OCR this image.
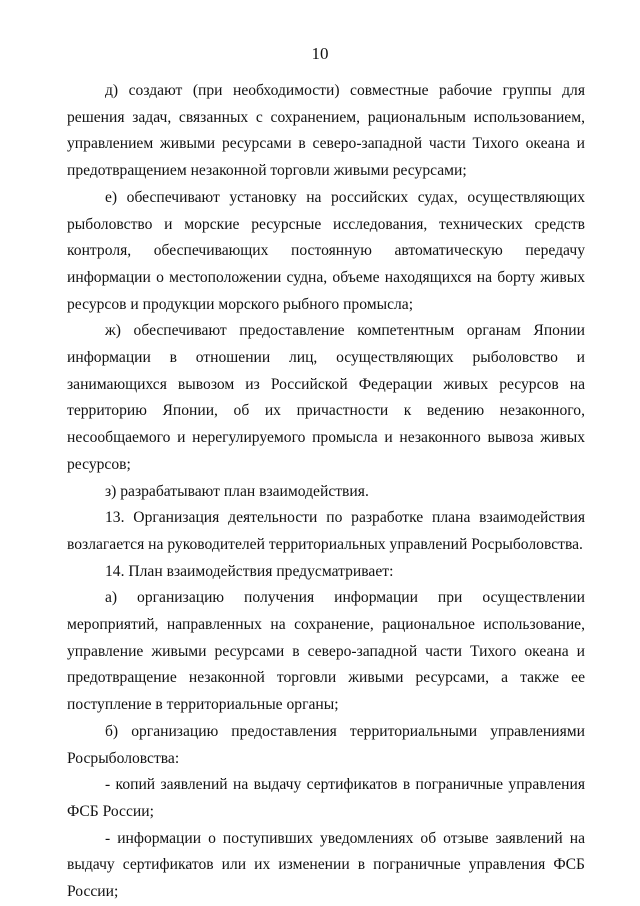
10

д) создают (при необходимости) совместные рабочие группы для решения задач, связанных с сохранением, рациональным использованием, управлением живыми ресурсами в северо-западной части Тихого океана и предотвращением незаконной торговли живыми ресурсами;

е) обеспечивают установку на российских судах, осуществляющих рыболовство и морские ресурсные исследования, технических средств контроля, обеспечивающих постоянную автоматическую передачу информации о местоположении судна, объеме находящихся на борту живых ресурсов и продукции морского рыбного промысла;

ж) обеспечивают предоставление компетентным органам Японии информации в отношении лиц, осуществляющих рыболовство и занимающихся вывозом из Российской Федерации живых ресурсов на территорию Японии, об их причастности к ведению незаконного, несообщаемого и нерегулируемого промысла и незаконного вывоза живых ресурсов;

з) разрабатывают план взаимодействия.

13. Организация деятельности по разработке плана взаимодействия возлагается на руководителей территориальных управлений Росрыболовства.

14. План взаимодействия предусматривает:

а) организацию получения информации при осуществлении мероприятий, направленных на сохранение, рациональное использование, управление живыми ресурсами в северо-западной части Тихого океана и предотвращение незаконной торговли живыми ресурсами, а также ее поступление в территориальные органы;

б) организацию предоставления территориальными управлениями Росрыболовства:

- копий заявлений на выдачу сертификатов в пограничные управления ФСБ России;

- информации о поступивших уведомлениях об отзыве заявлений на выдачу сертификатов или их изменении в пограничные управления ФСБ России;
